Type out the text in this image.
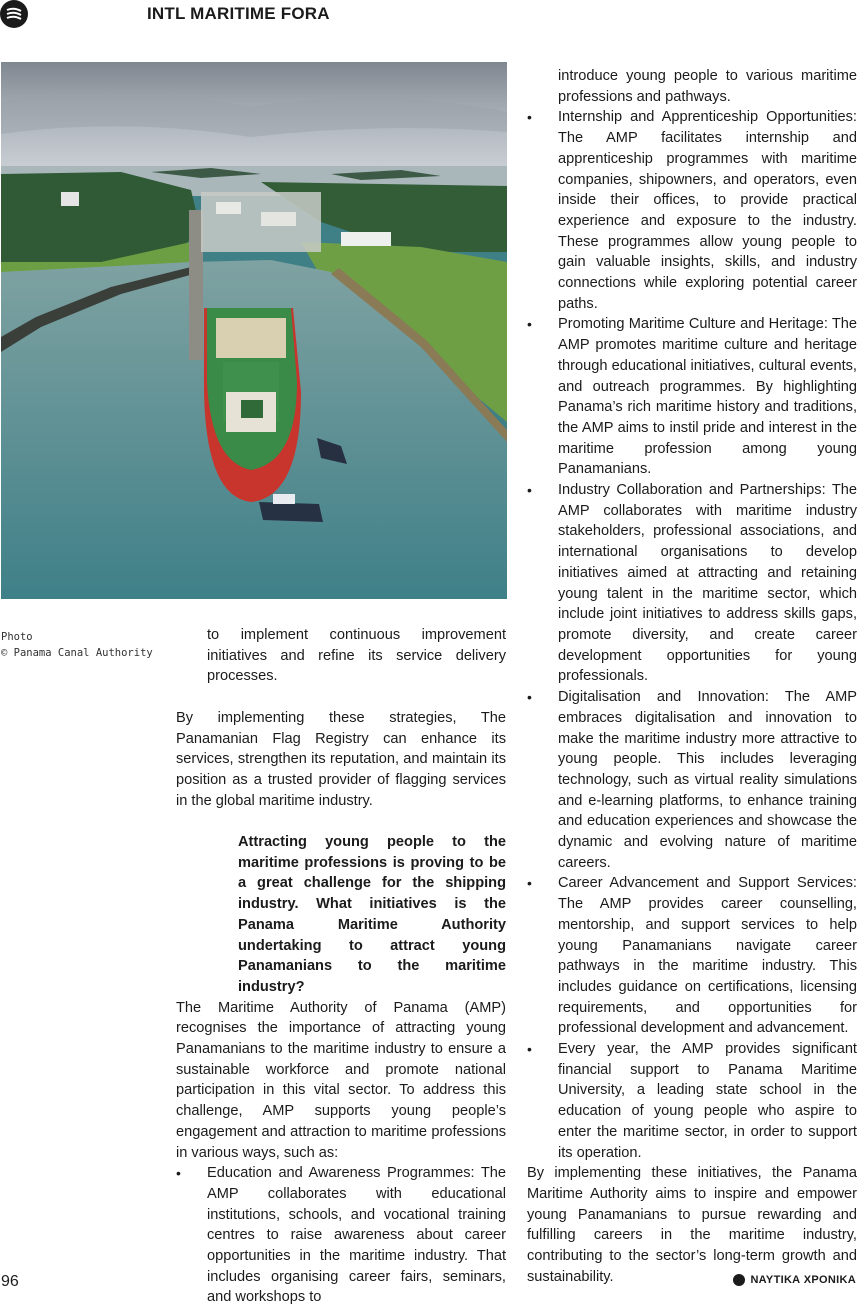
INTL MARITIME FORA
Photo
© Panama Canal Authority

to implement continuous improvement initiatives and refine its service delivery processes.

By implementing these strategies, The Panamanian Flag Registry can enhance its services, strengthen its reputation, and maintain its position as a trusted provider of flagging services in the global maritime industry.

Attracting young people to the maritime professions is proving to be a great challenge for the shipping industry. What initiatives is the Panama Maritime Authority undertaking to attract young Panamanians to the maritime industry?

The Maritime Authority of Panama (AMP) recognises the importance of attracting young Panamanians to the maritime industry to ensure a sustainable workforce and promote national participation in this vital sector. To address this challenge, AMP supports young people’s engagement and attraction to maritime professions in various ways, such as:

• Education and Awareness Programmes: The AMP collaborates with educational institutions, schools, and vocational training centres to raise awareness about career opportunities in the maritime industry. That includes organising career fairs, seminars, and workshops to

introduce young people to various maritime professions and pathways.

• Internship and Apprenticeship Opportunities: The AMP facilitates internship and apprenticeship programmes with maritime companies, shipowners, and operators, even inside their offices, to provide practical experience and exposure to the industry. These programmes allow young people to gain valuable insights, skills, and industry connections while exploring potential career paths.
• Promoting Maritime Culture and Heritage: The AMP promotes maritime culture and heritage through educational initiatives, cultural events, and outreach programmes. By highlighting Panama’s rich maritime history and traditions, the AMP aims to instil pride and interest in the maritime profession among young Panamanians.
• Industry Collaboration and Partnerships: The AMP collaborates with maritime industry stakeholders, professional associations, and international organisations to develop initiatives aimed at attracting and retaining young talent in the maritime sector, which include joint initiatives to address skills gaps, promote diversity, and create career development opportunities for young professionals.
• Digitalisation and Innovation: The AMP embraces digitalisation and innovation to make the maritime industry more attractive to young people. This includes leveraging technology, such as virtual reality simulations and e-learning platforms, to enhance training and education experiences and showcase the dynamic and evolving nature of maritime careers.
• Career Advancement and Support Services: The AMP provides career counselling, mentorship, and support services to help young Panamanians navigate career pathways in the maritime industry. This includes guidance on certifications, licensing requirements, and opportunities for professional development and advancement.
• Every year, the AMP provides significant financial support to Panama Maritime University, a leading state school in the education of young people who aspire to enter the maritime sector, in order to support its operation.

By implementing these initiatives, the Panama Maritime Authority aims to inspire and empower young Panamanians to pursue rewarding and fulfilling careers in the maritime industry, contributing to the sector’s long-term growth and sustainability.

96	ΝΑΥΤΙΚΑ ΧΡΟΝΙΚΑ
